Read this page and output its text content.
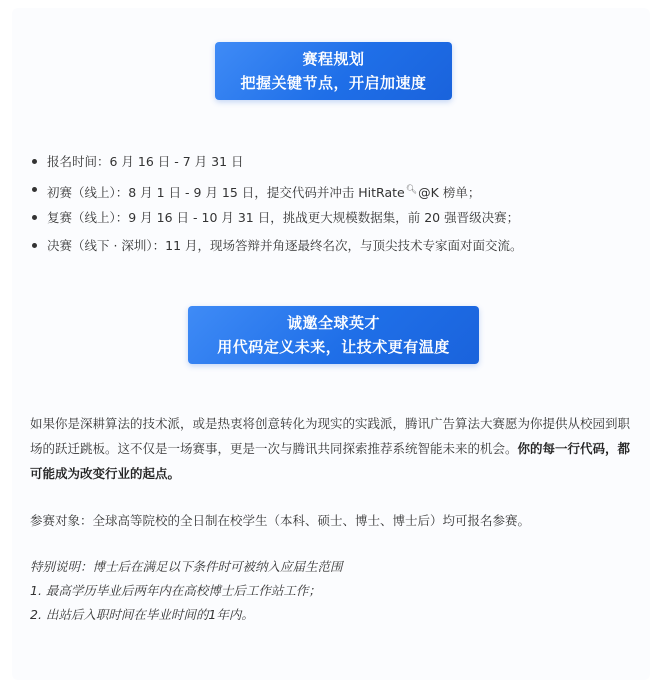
赛程规划
把握关键节点，开启加速度
报名时间：6 月 16 日 - 7 月 31 日
初赛（线上）：8 月 1 日 - 9 月 15 日，提交代码并冲击 HitRate🔍︎@K 榜单；
复赛（线上）：9 月 16 日 - 10 月 31 日，挑战更大规模数据集，前 20 强晋级决赛；
决赛（线下 · 深圳）：11 月，现场答辩并角逐最终名次，与顶尖技术专家面对面交流。
诚邀全球英才
用代码定义未来，让技术更有温度

如果你是深耕算法的技术派，或是热衷将创意转化为现实的实践派，腾讯广告算法大赛愿为你提供从校园到职场的跃迁跳板。这不仅是一场赛事，更是一次与腾讯共同探索推荐系统智能未来的机会。你的每一行代码，都可能成为改变行业的起点。

参赛对象：全球高等院校的全日制在校学生（本科、硕士、博士、博士后）均可报名参赛。

特别说明：博士后在满足以下条件时可被纳入应届生范围
1. 最高学历毕业后两年内在高校博士后工作站工作；
2. 出站后入职时间在毕业时间的1年内。
